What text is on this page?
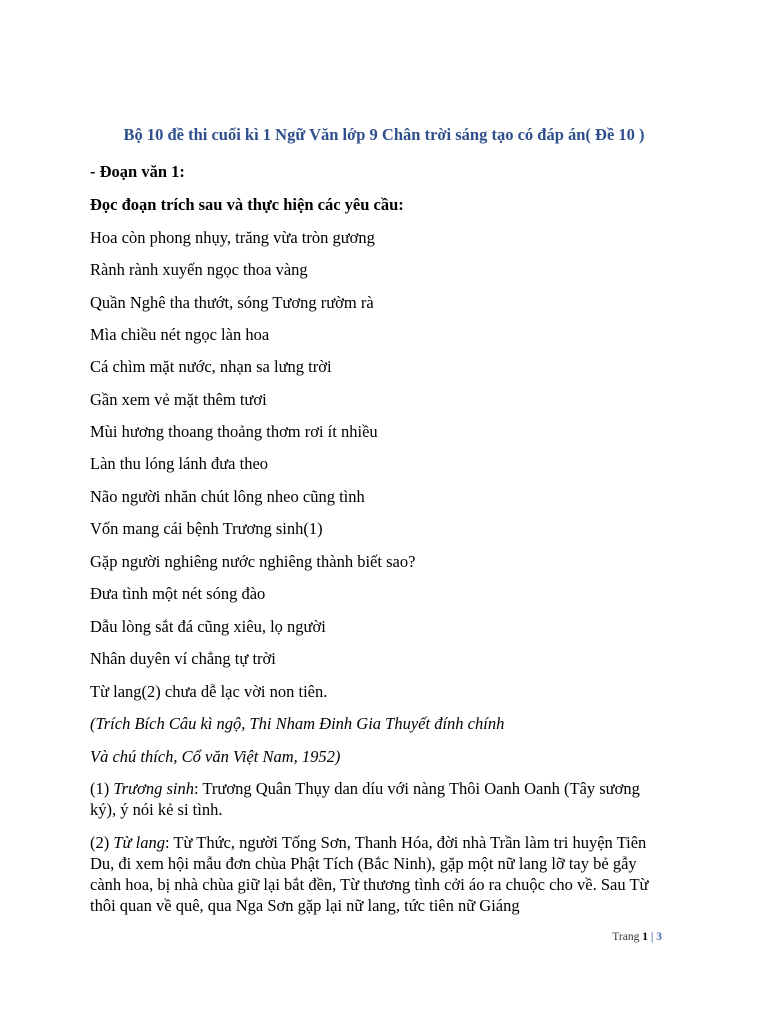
Bộ 10 đề thi cuối kì 1 Ngữ Văn lớp 9 Chân trời sáng tạo có đáp án( Đề 10 )
- Đoạn văn 1:
Đọc đoạn trích sau và thực hiện các yêu cầu:
Hoa còn phong nhụy, trăng vừa tròn gương
Rành rành xuyến ngọc thoa vàng
Quần Nghê tha thướt, sóng Tương rườm rà
Mìa chiều nét ngọc làn hoa
Cá chìm mặt nước, nhạn sa lưng trời
Gần xem vẻ mặt thêm tươi
Mùi hương thoang thoảng thơm rơi ít nhiều
Làn thu lóng lánh đưa theo
Não người nhăn chút lông nheo cũng tình
Vốn mang cái bệnh Trương sinh(1)
Gặp người nghiêng nước nghiêng thành biết sao?
Đưa tình một nét sóng đào
Dẫu lòng sắt đá cũng xiêu, lọ người
Nhân duyên ví chẳng tự trời
Từ lang(2) chưa dễ lạc vời non tiên.
(Trích Bích Câu kì ngộ, Thi Nham Đinh Gia Thuyết đính chính
Và chú thích, Cổ văn Việt Nam, 1952)
(1) Trương sinh: Trương Quân Thụy dan díu với nàng Thôi Oanh Oanh (Tây sương ký), ý nói kẻ si tình.
(2) Từ lang: Từ Thức, người Tống Sơn, Thanh Hóa, đời nhà Trần làm tri huyện Tiên Du, đi xem hội mẫu đơn chùa Phật Tích (Bắc Ninh), gặp một nữ lang lỡ tay bẻ gẫy cành hoa, bị nhà chùa giữ lại bắt đền, Từ thương tình cởi áo ra chuộc cho về. Sau Từ thôi quan về quê, qua Nga Sơn gặp lại nữ lang, tức tiên nữ Giáng
Trang 1 | 3
